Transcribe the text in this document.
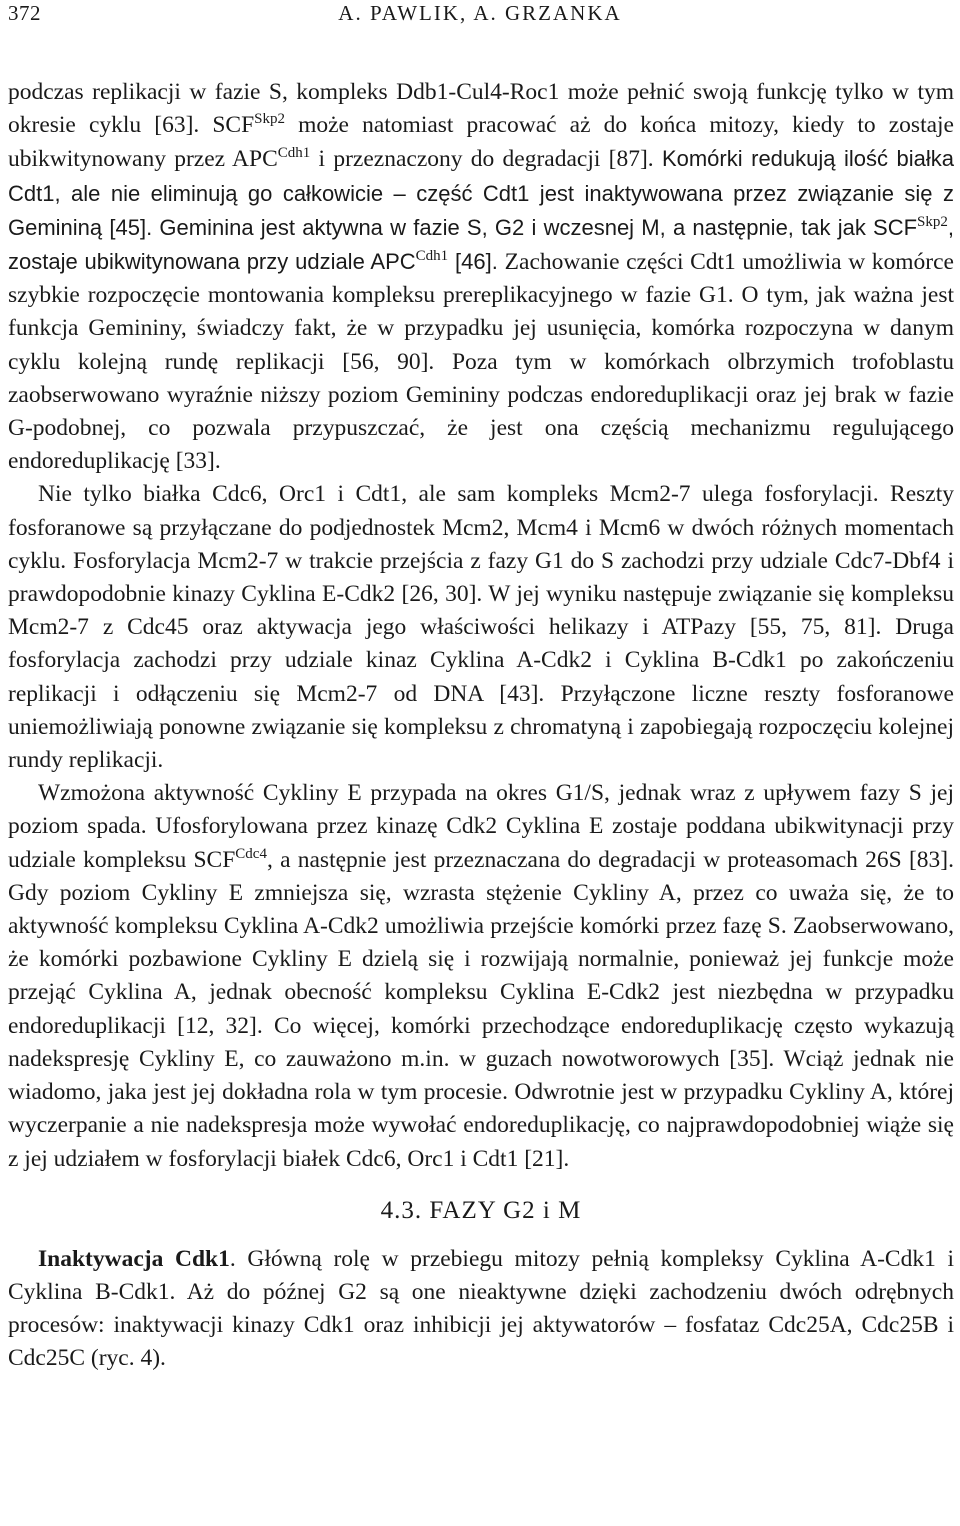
372	A. PAWLIK, A. GRZANKA

podczas replikacji w fazie S, kompleks Ddb1-Cul4-Roc1 może pełnić swoją funkcję tylko w tym okresie cyklu [63]. $SCF^{Skp2}$ może natomiast pracować aż do końca mitozy, kiedy to zostaje ubikwitynowany przez $APC^{Cdh1}$ i przeznaczony do degradacji [87]. Komórki redukują ilość białka Cdt1, ale nie eliminują go całkowicie – część Cdt1 jest inaktywowana przez związanie się z Gemininą [45]. Geminina jest aktywna w fazie S, G2 i wczesnej M, a następnie, tak jak $SCF^{Skp2}$, zostaje ubikwitynowana przy udziale $APC^{Cdh1}$ [46]. Zachowanie części Cdt1 umożliwia w komórce szybkie rozpoczęcie montowania kompleksu prereplikacyjnego w fazie G1. O tym, jak ważna jest funkcja Gemininy, świadczy fakt, że w przypadku jej usunięcia, komórka rozpoczyna w danym cyklu kolejną rundę replikacji [56, 90]. Poza tym w komórkach olbrzymich trofoblastu zaobserwowano wyraźnie niższy poziom Gemininy podczas endoreduplikacji oraz jej brak w fazie G-podobnej, co pozwala przypuszczać, że jest ona częścią mechanizmu regulującego endoreduplikację [33].

Nie tylko białka Cdc6, Orc1 i Cdt1, ale sam kompleks Mcm2-7 ulega fosforylacji. Reszty fosforanowe są przyłączane do podjednostek Mcm2, Mcm4 i Mcm6 w dwóch różnych momentach cyklu. Fosforylacja Mcm2-7 w trakcie przejścia z fazy G1 do S zachodzi przy udziale Cdc7-Dbf4 i prawdopodobnie kinazy Cyklina E-Cdk2 [26, 30]. W jej wyniku następuje związanie się kompleksu Mcm2-7 z Cdc45 oraz aktywacja jego właściwości helikazy i ATPazy [55, 75, 81]. Druga fosforylacja zachodzi przy udziale kinaz Cyklina A-Cdk2 i Cyklina B-Cdk1 po zakończeniu replikacji i odłączeniu się Mcm2-7 od DNA [43]. Przyłączone liczne reszty fosforanowe uniemożliwiają ponowne związanie się kompleksu z chromatyną i zapobiegają rozpoczęciu kolejnej rundy replikacji.

Wzmożona aktywność Cykliny E przypada na okres G1/S, jednak wraz z upływem fazy S jej poziom spada. Ufosforylowana przez kinazę Cdk2 Cyklina E zostaje poddana ubikwitynacji przy udziale kompleksu $SCF^{Cdc4}$, a następnie jest przeznaczana do degradacji w proteasomach 26S [83]. Gdy poziom Cykliny E zmniejsza się, wzrasta stężenie Cykliny A, przez co uważa się, że to aktywność kompleksu Cyklina A-Cdk2 umożliwia przejście komórki przez fazę S. Zaobserwowano, że komórki pozbawione Cykliny E dzielą się i rozwijają normalnie, ponieważ jej funkcje może przejąć Cyklina A, jednak obecność kompleksu Cyklina E-Cdk2 jest niezbędna w przypadku endoreduplikacji [12, 32]. Co więcej, komórki przechodzące endoreduplikację często wykazują nadekspresję Cykliny E, co zauważono m.in. w guzach nowotworowych [35]. Wciąż jednak nie wiadomo, jaka jest jej dokładna rola w tym procesie. Odwrotnie jest w przypadku Cykliny A, której wyczerpanie a nie nadekspresja może wywołać endoreduplikację, co najprawdopodobniej wiąże się z jej udziałem w fosforylacji białek Cdc6, Orc1 i Cdt1 [21].

4.3. FAZY G2 i M

Inaktywacja Cdk1. Główną rolę w przebiegu mitozy pełnią kompleksy Cyklina A-Cdk1 i Cyklina B-Cdk1. Aż do późnej G2 są one nieaktywne dzięki zachodzeniu dwóch odrębnych procesów: inaktywacji kinazy Cdk1 oraz inhibicji jej aktywatorów – fosfataz Cdc25A, Cdc25B i Cdc25C (ryc. 4).
